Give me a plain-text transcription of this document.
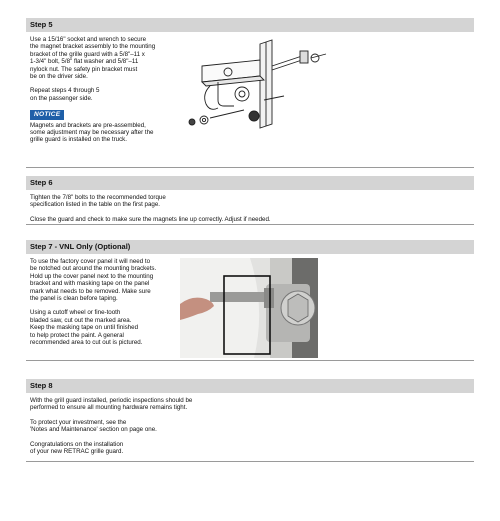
Step 5

Use a 15/16" socket and wrench to secure
the magnet bracket assembly to the mounting
bracket of the grille guard with a 5/8"–11 x
1-3/4" bolt, 5/8" flat washer and 5/8"–11
nylock nut. The safety pin bracket must
be on the driver side.

Repeat steps 4 through 5
on the passenger side.

NOTICE

Magnets and brackets are pre-assembled,
some adjustment may be necessary after the
grille guard is installed on the truck.

Step 6

Tighten the 7/8" bolts to the recommended torque
specification listed in the table on the first page.

Close the guard and check to make sure the magnets line up correctly. Adjust if needed.

Step 7 - VNL Only (Optional)

To use the factory cover panel it will need to
be notched out around the mounting brackets.
Hold up the cover panel next to the mounting
bracket and with masking tape on the panel
mark what needs to be removed. Make sure
the panel is clean before taping.

Using a cutoff wheel or fine-tooth
bladed saw, cut out the marked area.
Keep the masking tape on until finished
to help protect the paint. A general
recommended area to cut out is pictured.

Step 8

With the grill guard installed, periodic inspections should be
performed to ensure all mounting hardware remains tight.

To protect your investment, see the
'Notes and Maintenance' section on page one.

Congratulations on the installation
of your new RETRAC grille guard.
